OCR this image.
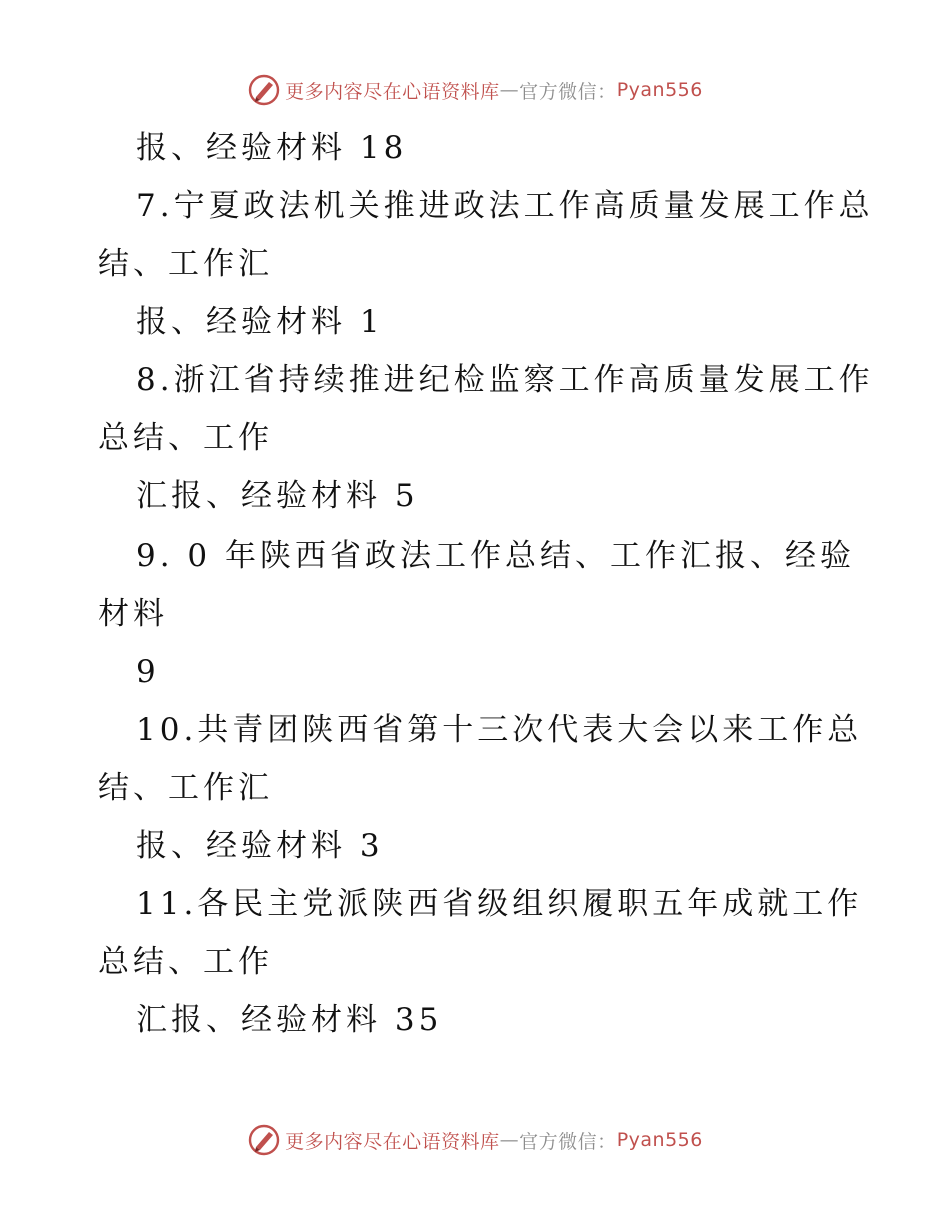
更多内容尽在心语资料库 — 官方微信： Pyan556
报、经验材料 18
7.宁夏政法机关推进政法工作高质量发展工作总
结、工作汇
报、经验材料 1
8.浙江省持续推进纪检监察工作高质量发展工作
总结、工作
汇报、经验材料 5
9. 0 年陕西省政法工作总结、工作汇报、经验
材料
9
10.共青团陕西省第十三次代表大会以来工作总
结、工作汇
报、经验材料 3
11.各民主党派陕西省级组织履职五年成就工作
总结、工作
汇报、经验材料 35
更多内容尽在心语资料库 — 官方微信： Pyan556
